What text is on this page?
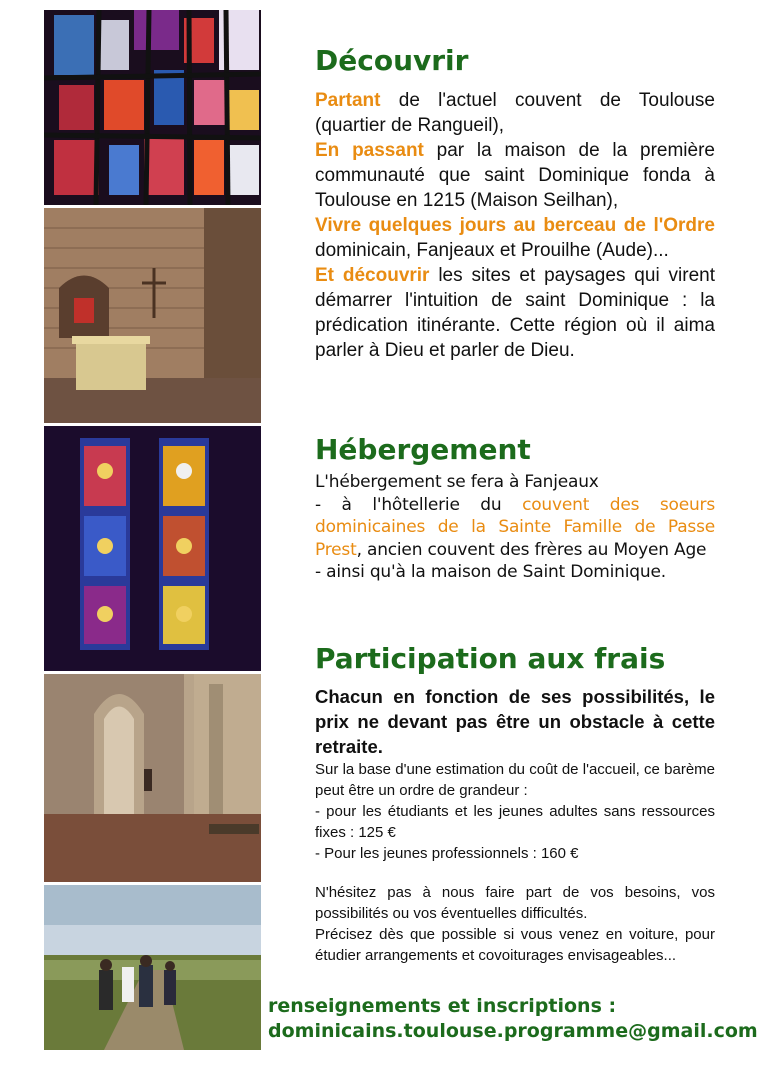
Découvrir

Partant de l'actuel couvent de Toulouse (quartier de Rangueil),
En passant par la maison de la première communauté que saint Dominique fonda à Toulouse en 1215 (Maison Seilhan),
Vivre quelques jours au berceau de l'Ordre dominicain, Fanjeaux et Prouilhe (Aude)...
Et découvrir les sites et paysages qui virent démarrer l'intuition de saint Dominique : la prédication itinérante. Cette région où il aima parler à Dieu et parler de Dieu.

Hébergement
L'hébergement se fera à Fanjeaux
- à l'hôtellerie du couvent des soeurs dominicaines de la Sainte Famille de Passe Prest, ancien couvent des frères au Moyen Age
- ainsi qu'à la maison de Saint Dominique.
Participation aux frais

Chacun en fonction de ses possibilités, le prix ne devant pas être un obstacle à cette retraite.

Sur la base d'une estimation du coût de l'accueil, ce barème peut être un ordre de grandeur :

- pour les étudiants et les jeunes adultes sans ressources fixes : 125 €

- Pour les jeunes professionnels : 160 €

N'hésitez pas à nous faire part de vos besoins, vos possibilités ou vos éventuelles difficultés.

Précisez dès que possible si vous venez en voiture, pour étudier arrangements et covoiturages envisageables...

renseignements et inscriptions :
dominicains.toulouse.programme@gmail.com
